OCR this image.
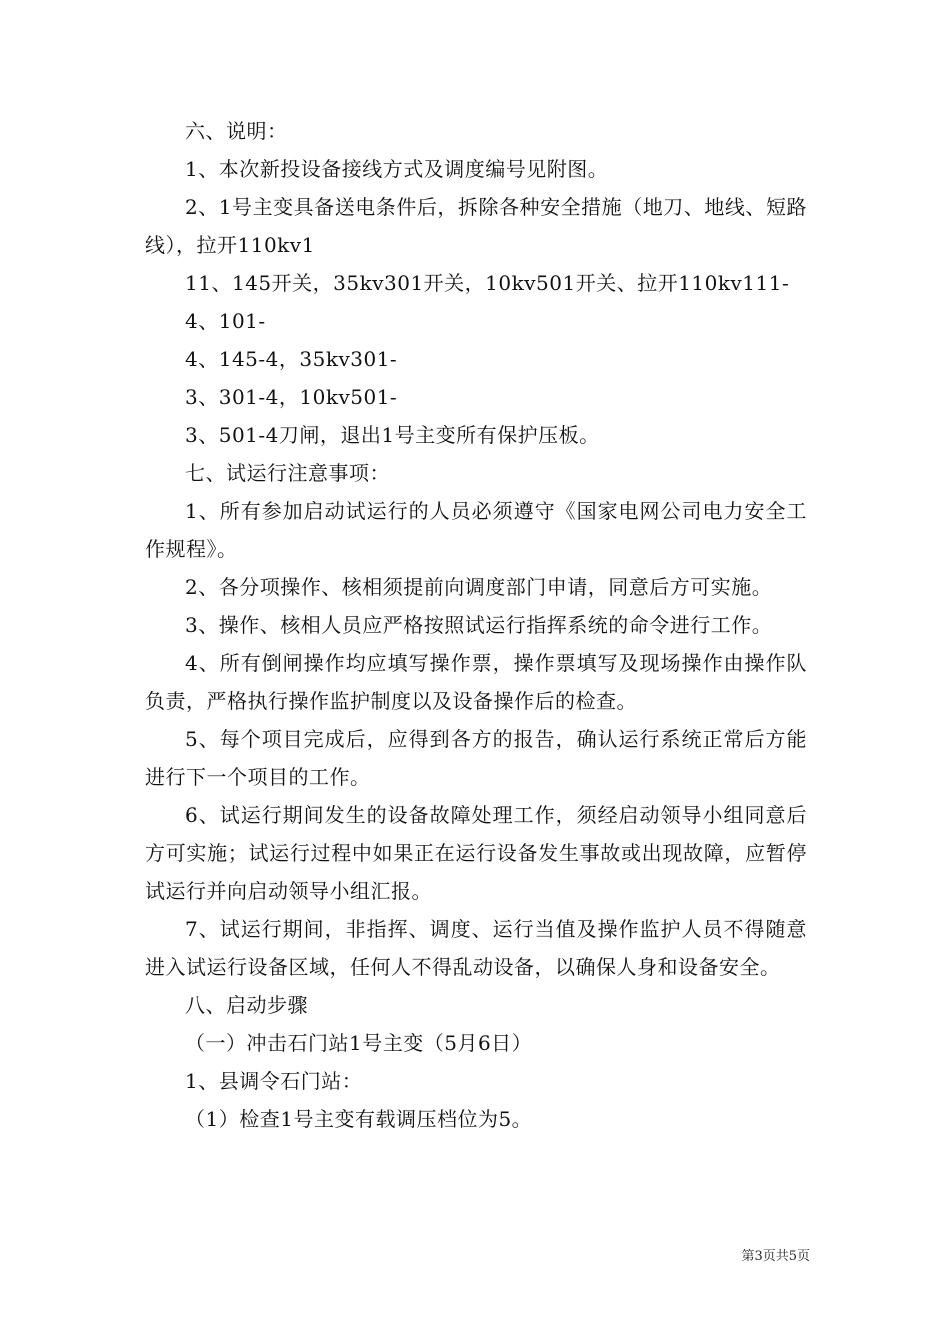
六、说明：

1、本次新投设备接线方式及调度编号见附图。

2、1号主变具备送电条件后，拆除各种安全措施（地刀、地线、短路线），拉开110kv1

11、145开关，35kv301开关，10kv501开关、拉开110kv111-

4、101-

4、145-4，35kv301-

3、301-4，10kv501-

3、501-4刀闸，退出1号主变所有保护压板。

七、试运行注意事项：

1、所有参加启动试运行的人员必须遵守《国家电网公司电力安全工作规程》。

2、各分项操作、核相须提前向调度部门申请，同意后方可实施。

3、操作、核相人员应严格按照试运行指挥系统的命令进行工作。

4、所有倒闸操作均应填写操作票，操作票填写及现场操作由操作队负责，严格执行操作监护制度以及设备操作后的检查。

5、每个项目完成后，应得到各方的报告，确认运行系统正常后方能进行下一个项目的工作。

6、试运行期间发生的设备故障处理工作，须经启动领导小组同意后方可实施；试运行过程中如果正在运行设备发生事故或出现故障，应暂停试运行并向启动领导小组汇报。

7、试运行期间，非指挥、调度、运行当值及操作监护人员不得随意进入试运行设备区域，任何人不得乱动设备，以确保人身和设备安全。

八、启动步骤

（一）冲击石门站1号主变（5月6日）

1、县调令石门站：

（1）检查1号主变有载调压档位为5。

第3页共5页
